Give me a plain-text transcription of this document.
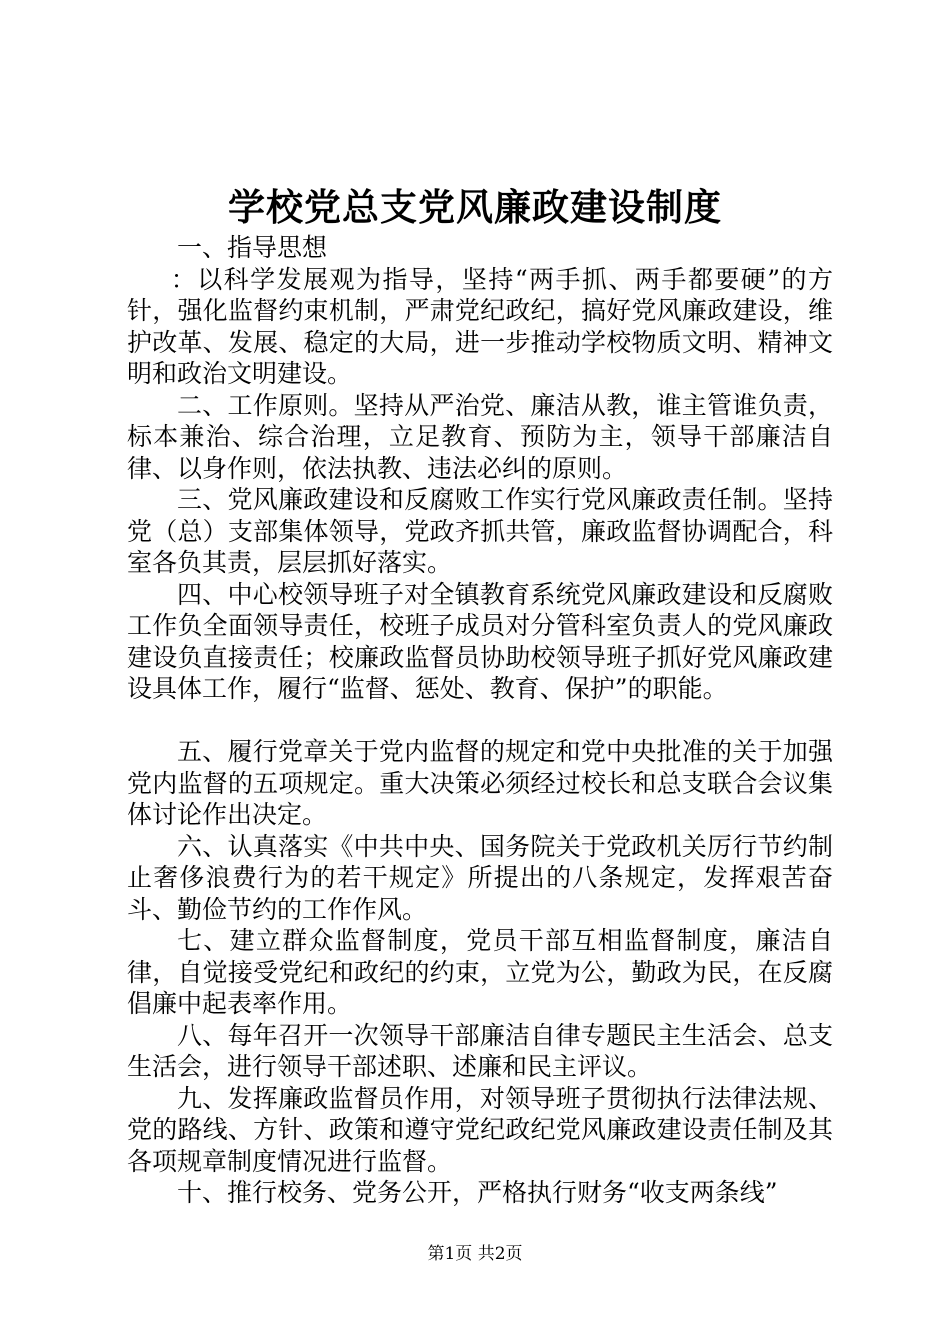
学校党总支党风廉政建设制度

一、指导思想

：以科学发展观为指导，坚持“两手抓、两手都要硬”的方针，强化监督约束机制，严肃党纪政纪，搞好党风廉政建设，维护改革、发展、稳定的大局，进一步推动学校物质文明、精神文明和政治文明建设。

二、工作原则。坚持从严治党、廉洁从教，谁主管谁负责，标本兼治、综合治理，立足教育、预防为主，领导干部廉洁自律、以身作则，依法执教、违法必纠的原则。

三、党风廉政建设和反腐败工作实行党风廉政责任制。坚持党（总）支部集体领导，党政齐抓共管，廉政监督协调配合，科室各负其责，层层抓好落实。

四、中心校领导班子对全镇教育系统党风廉政建设和反腐败工作负全面领导责任，校班子成员对分管科室负责人的党风廉政建设负直接责任；校廉政监督员协助校领导班子抓好党风廉政建设具体工作，履行“监督、惩处、教育、保护”的职能。

五、履行党章关于党内监督的规定和党中央批准的关于加强党内监督的五项规定。重大决策必须经过校长和总支联合会议集体讨论作出决定。

六、认真落实《中共中央、国务院关于党政机关厉行节约制止奢侈浪费行为的若干规定》所提出的八条规定，发挥艰苦奋斗、勤俭节约的工作作风。

七、建立群众监督制度，党员干部互相监督制度，廉洁自律，自觉接受党纪和政纪的约束，立党为公，勤政为民，在反腐倡廉中起表率作用。

八、每年召开一次领导干部廉洁自律专题民主生活会、总支生活会，进行领导干部述职、述廉和民主评议。

九、发挥廉政监督员作用，对领导班子贯彻执行法律法规、党的路线、方针、政策和遵守党纪政纪党风廉政建设责任制及其各项规章制度情况进行监督。

十、推行校务、党务公开，严格执行财务“收支两条线”

第1页 共2页
